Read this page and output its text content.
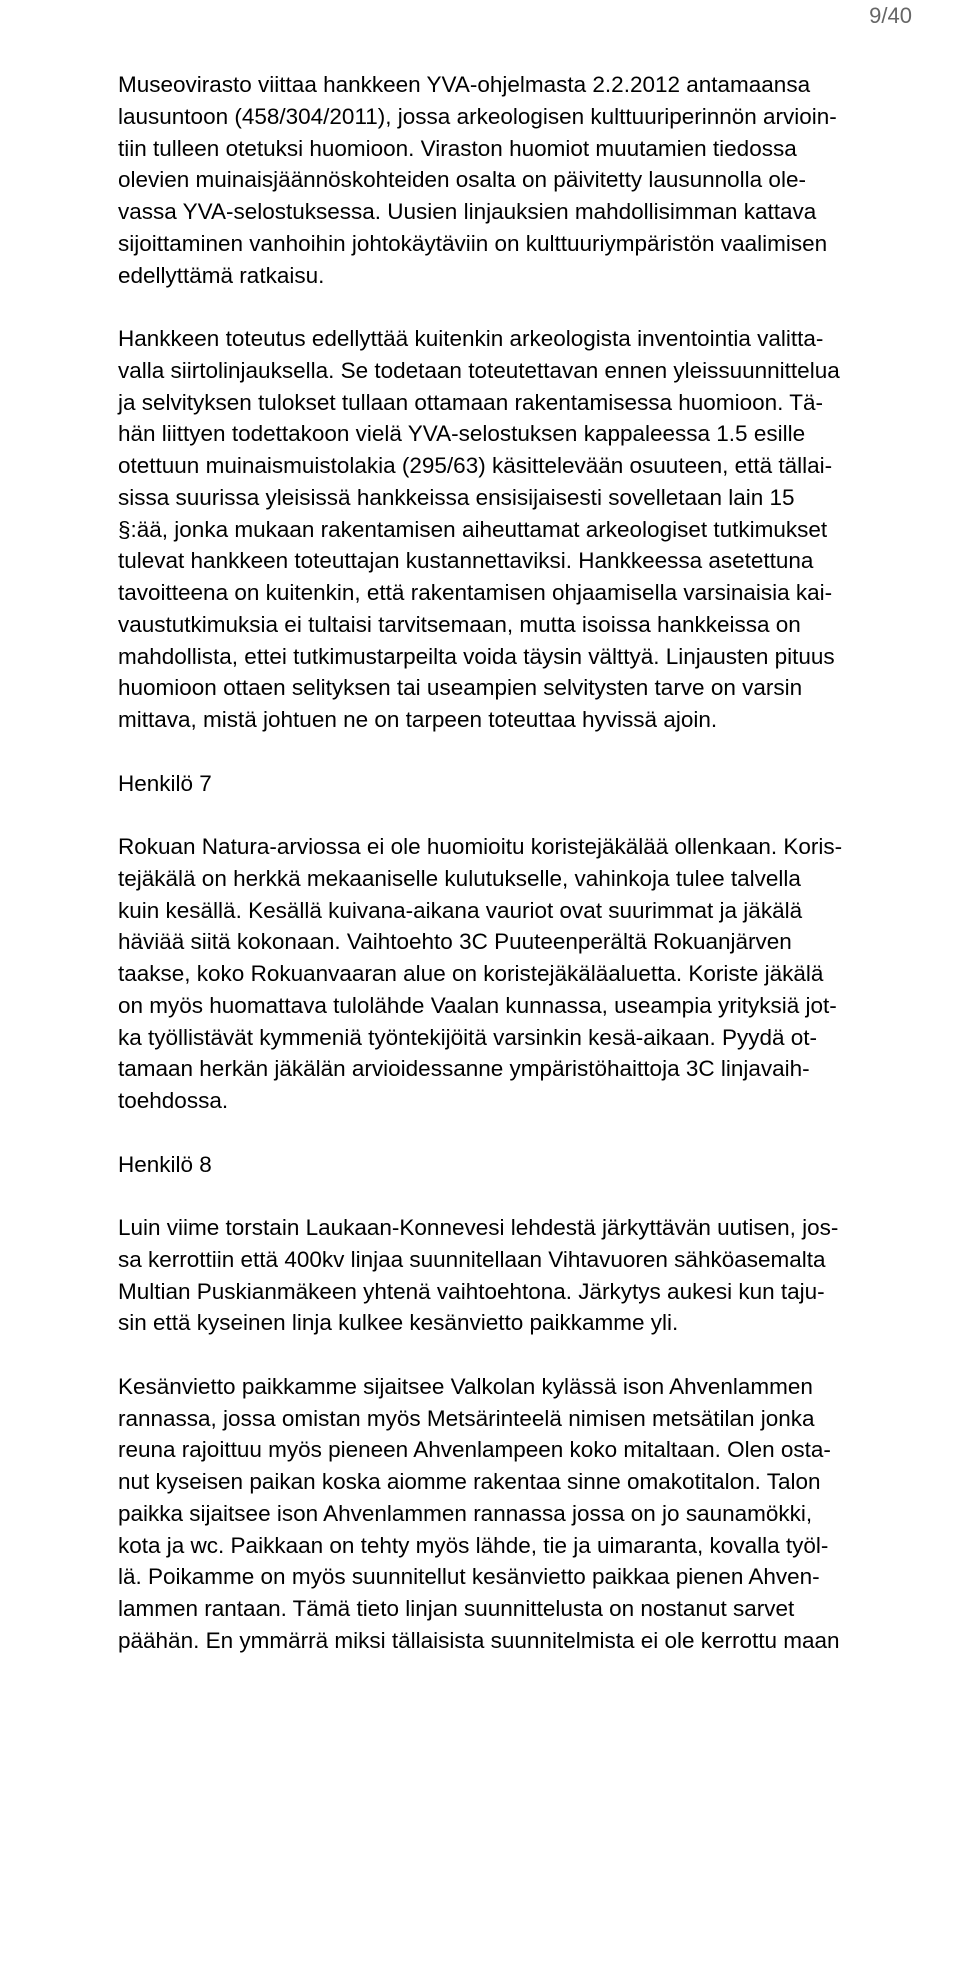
9/40
Museovirasto viittaa hankkeen YVA-ohjelmasta 2.2.2012 antamaansa
lausuntoon (458/304/2011), jossa arkeologisen kulttuuriperinnön arvioin-
tiin tulleen otetuksi huomioon. Viraston huomiot muutamien tiedossa
olevien muinaisjäännöskohteiden osalta on päivitetty lausunnolla ole-
vassa YVA-selostuksessa. Uusien linjauksien mahdollisimman kattava
sijoittaminen vanhoihin johtokäytäviin on kulttuuriympäristön vaalimisen
edellyttämä ratkaisu.
Hankkeen toteutus edellyttää kuitenkin arkeologista inventointia valitta-
valla siirtolinjauksella. Se todetaan toteutettavan ennen yleissuunnittelua
ja selvityksen tulokset tullaan ottamaan rakentamisessa huomioon. Tä-
hän liittyen todettakoon vielä YVA-selostuksen kappaleessa 1.5 esille
otettuun muinaismuistolakia (295/63) käsittelevään osuuteen, että tällai-
sissa suurissa yleisissä hankkeissa ensisijaisesti sovelletaan lain 15
§:ää, jonka mukaan rakentamisen aiheuttamat arkeologiset tutkimukset
tulevat hankkeen toteuttajan kustannettaviksi. Hankkeessa asetettuna
tavoitteena on kuitenkin, että rakentamisen ohjaamisella varsinaisia kai-
vaustutkimuksia ei tultaisi tarvitsemaan, mutta isoissa hankkeissa on
mahdollista, ettei tutkimustarpeilta voida täysin välttyä. Linjausten pituus
huomioon ottaen selityksen tai useampien selvitysten tarve on varsin
mittava, mistä johtuen ne on tarpeen toteuttaa hyvissä ajoin.
Henkilö 7
Rokuan Natura-arviossa ei ole huomioitu koristejäkälää ollenkaan. Koris-
tejäkälä on herkkä mekaaniselle kulutukselle, vahinkoja tulee talvella
kuin kesällä. Kesällä kuivana-aikana vauriot ovat suurimmat ja jäkälä
häviää siitä kokonaan. Vaihtoehto 3C Puuteenperältä Rokuanjärven
taakse, koko Rokuanvaaran alue on koristejäkäläaluetta. Koriste jäkälä
on myös huomattava tulolähde Vaalan kunnassa, useampia yrityksiä jot-
ka työllistävät kymmeniä työntekijöitä varsinkin kesä-aikaan. Pyydä ot-
tamaan herkän jäkälän arvioidessanne ympäristöhaittoja 3C linjavaih-
toehdossa.
Henkilö 8
Luin viime torstain Laukaan-Konnevesi lehdestä järkyttävän uutisen, jos-
sa kerrottiin että 400kv linjaa suunnitellaan Vihtavuoren sähköasemalta
Multian Puskianmäkeen yhtenä vaihtoehtona. Järkytys aukesi kun taju-
sin että kyseinen linja kulkee kesänvietto paikkamme yli.
Kesänvietto paikkamme sijaitsee Valkolan kylässä ison Ahvenlammen
rannassa, jossa omistan myös Metsärinteelä nimisen metsätilan jonka
reuna rajoittuu myös pieneen Ahvenlampeen koko mitaltaan. Olen osta-
nut kyseisen paikan koska aiomme rakentaa sinne omakotitalon. Talon
paikka sijaitsee ison Ahvenlammen rannassa jossa on jo saunamökki,
kota ja wc. Paikkaan on tehty myös lähde, tie ja uimaranta, kovalla työl-
lä. Poikamme on myös suunnitellut kesänvietto paikkaa pienen Ahven-
lammen rantaan. Tämä tieto linjan suunnittelusta on nostanut sarvet
päähän. En ymmärrä miksi tällaisista suunnitelmista ei ole kerrottu maan
